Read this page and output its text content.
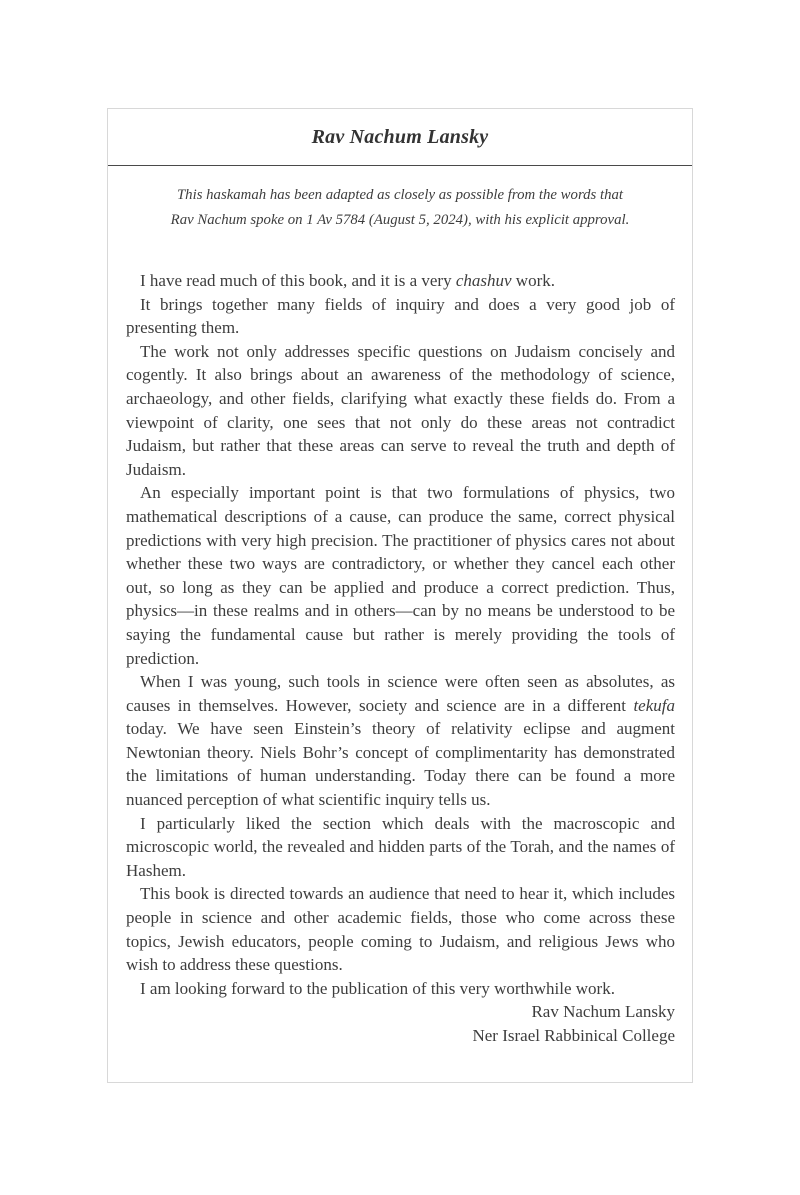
Rav Nachum Lansky
This haskamah has been adapted as closely as possible from the words that
Rav Nachum spoke on 1 Av 5784 (August 5, 2024), with his explicit approval.

I have read much of this book, and it is a very chashuv work.

It brings together many fields of inquiry and does a very good job of presenting them.

The work not only addresses specific questions on Judaism concisely and cogently. It also brings about an awareness of the methodology of science, archaeology, and other fields, clarifying what exactly these fields do. From a viewpoint of clarity, one sees that not only do these areas not contradict Judaism, but rather that these areas can serve to reveal the truth and depth of Judaism.

An especially important point is that two formulations of physics, two mathematical descriptions of a cause, can produce the same, correct physical predictions with very high precision. The practitioner of physics cares not about whether these two ways are contradictory, or whether they cancel each other out, so long as they can be applied and produce a correct prediction. Thus, physics—in these realms and in others—can by no means be understood to be saying the fundamental cause but rather is merely providing the tools of prediction.

When I was young, such tools in science were often seen as absolutes, as causes in themselves. However, society and science are in a different tekufa today. We have seen Einstein’s theory of relativity eclipse and augment Newtonian theory. Niels Bohr’s concept of complimentarity has demonstrated the limitations of human understanding. Today there can be found a more nuanced perception of what scientific inquiry tells us.

I particularly liked the section which deals with the macroscopic and microscopic world, the revealed and hidden parts of the Torah, and the names of Hashem.

This book is directed towards an audience that need to hear it, which includes people in science and other academic fields, those who come across these topics, Jewish educators, people coming to Judaism, and religious Jews who wish to address these questions.

I am looking forward to the publication of this very worthwhile work.

Rav Nachum Lansky
Ner Israel Rabbinical College
